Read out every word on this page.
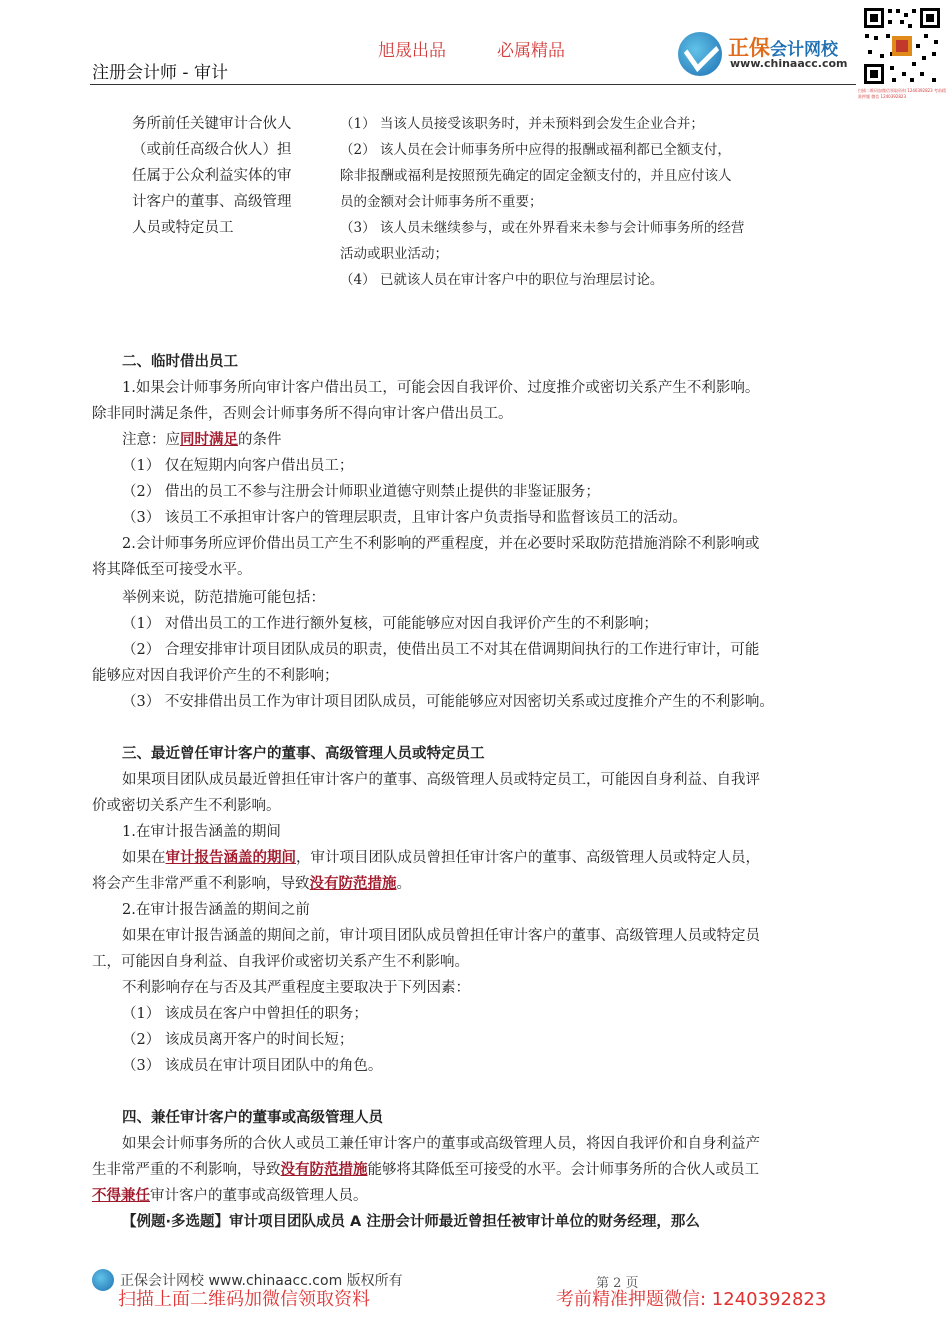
旭晟出品	必属精品
注册会计师 - 审计
正保会计网校
www.chinaacc.com
扫描二维码加微信领取资料 1240392823 考前精准押题 微信 1240392823
务所前任关键审计合伙人
（或前任高级合伙人）担
任属于公众利益实体的审
计客户的董事、高级管理
人员或特定员工
（1） 当该人员接受该职务时，并未预料到会发生企业合并；
（2） 该人员在会计师事务所中应得的报酬或福利都已全额支付，
除非报酬或福利是按照预先确定的固定金额支付的，并且应付该人
员的金额对会计师事务所不重要；
（3） 该人员未继续参与，或在外界看来未参与会计师事务所的经营
活动或职业活动；
（4） 已就该人员在审计客户中的职位与治理层讨论。
二、临时借出员工
1.如果会计师事务所向审计客户借出员工，可能会因自我评价、过度推介或密切关系产生不利影响。
除非同时满足条件，否则会计师事务所不得向审计客户借出员工。
注意：应同时满足的条件
（1） 仅在短期内向客户借出员工；
（2） 借出的员工不参与注册会计师职业道德守则禁止提供的非鉴证服务；
（3） 该员工不承担审计客户的管理层职责，且审计客户负责指导和监督该员工的活动。
2.会计师事务所应评价借出员工产生不利影响的严重程度，并在必要时采取防范措施消除不利影响或
将其降低至可接受水平。
举例来说，防范措施可能包括：
（1） 对借出员工的工作进行额外复核，可能能够应对因自我评价产生的不利影响；
（2） 合理安排审计项目团队成员的职责，使借出员工不对其在借调期间执行的工作进行审计，可能
能够应对因自我评价产生的不利影响；
（3） 不安排借出员工作为审计项目团队成员，可能能够应对因密切关系或过度推介产生的不利影响。
三、最近曾任审计客户的董事、高级管理人员或特定员工
如果项目团队成员最近曾担任审计客户的董事、高级管理人员或特定员工，可能因自身利益、自我评
价或密切关系产生不利影响。
1.在审计报告涵盖的期间
如果在审计报告涵盖的期间，审计项目团队成员曾担任审计客户的董事、高级管理人员或特定人员，
将会产生非常严重不利影响，导致没有防范措施。
2.在审计报告涵盖的期间之前
如果在审计报告涵盖的期间之前，审计项目团队成员曾担任审计客户的董事、高级管理人员或特定员
工，可能因自身利益、自我评价或密切关系产生不利影响。
不利影响存在与否及其严重程度主要取决于下列因素：
（1） 该成员在客户中曾担任的职务；
（2） 该成员离开客户的时间长短；
（3） 该成员在审计项目团队中的角色。
四、兼任审计客户的董事或高级管理人员
如果会计师事务所的合伙人或员工兼任审计客户的董事或高级管理人员，将因自我评价和自身利益产
生非常严重的不利影响，导致没有防范措施能够将其降低至可接受的水平。会计师事务所的合伙人或员工
不得兼任审计客户的董事或高级管理人员。
【例题·多选题】审计项目团队成员 A 注册会计师最近曾担任被审计单位的财务经理，那么
正保会计网校 www.chinaacc.com 版权所有	第 2 页
扫描上面二维码加微信领取资料	考前精准押题微信: 1240392823
